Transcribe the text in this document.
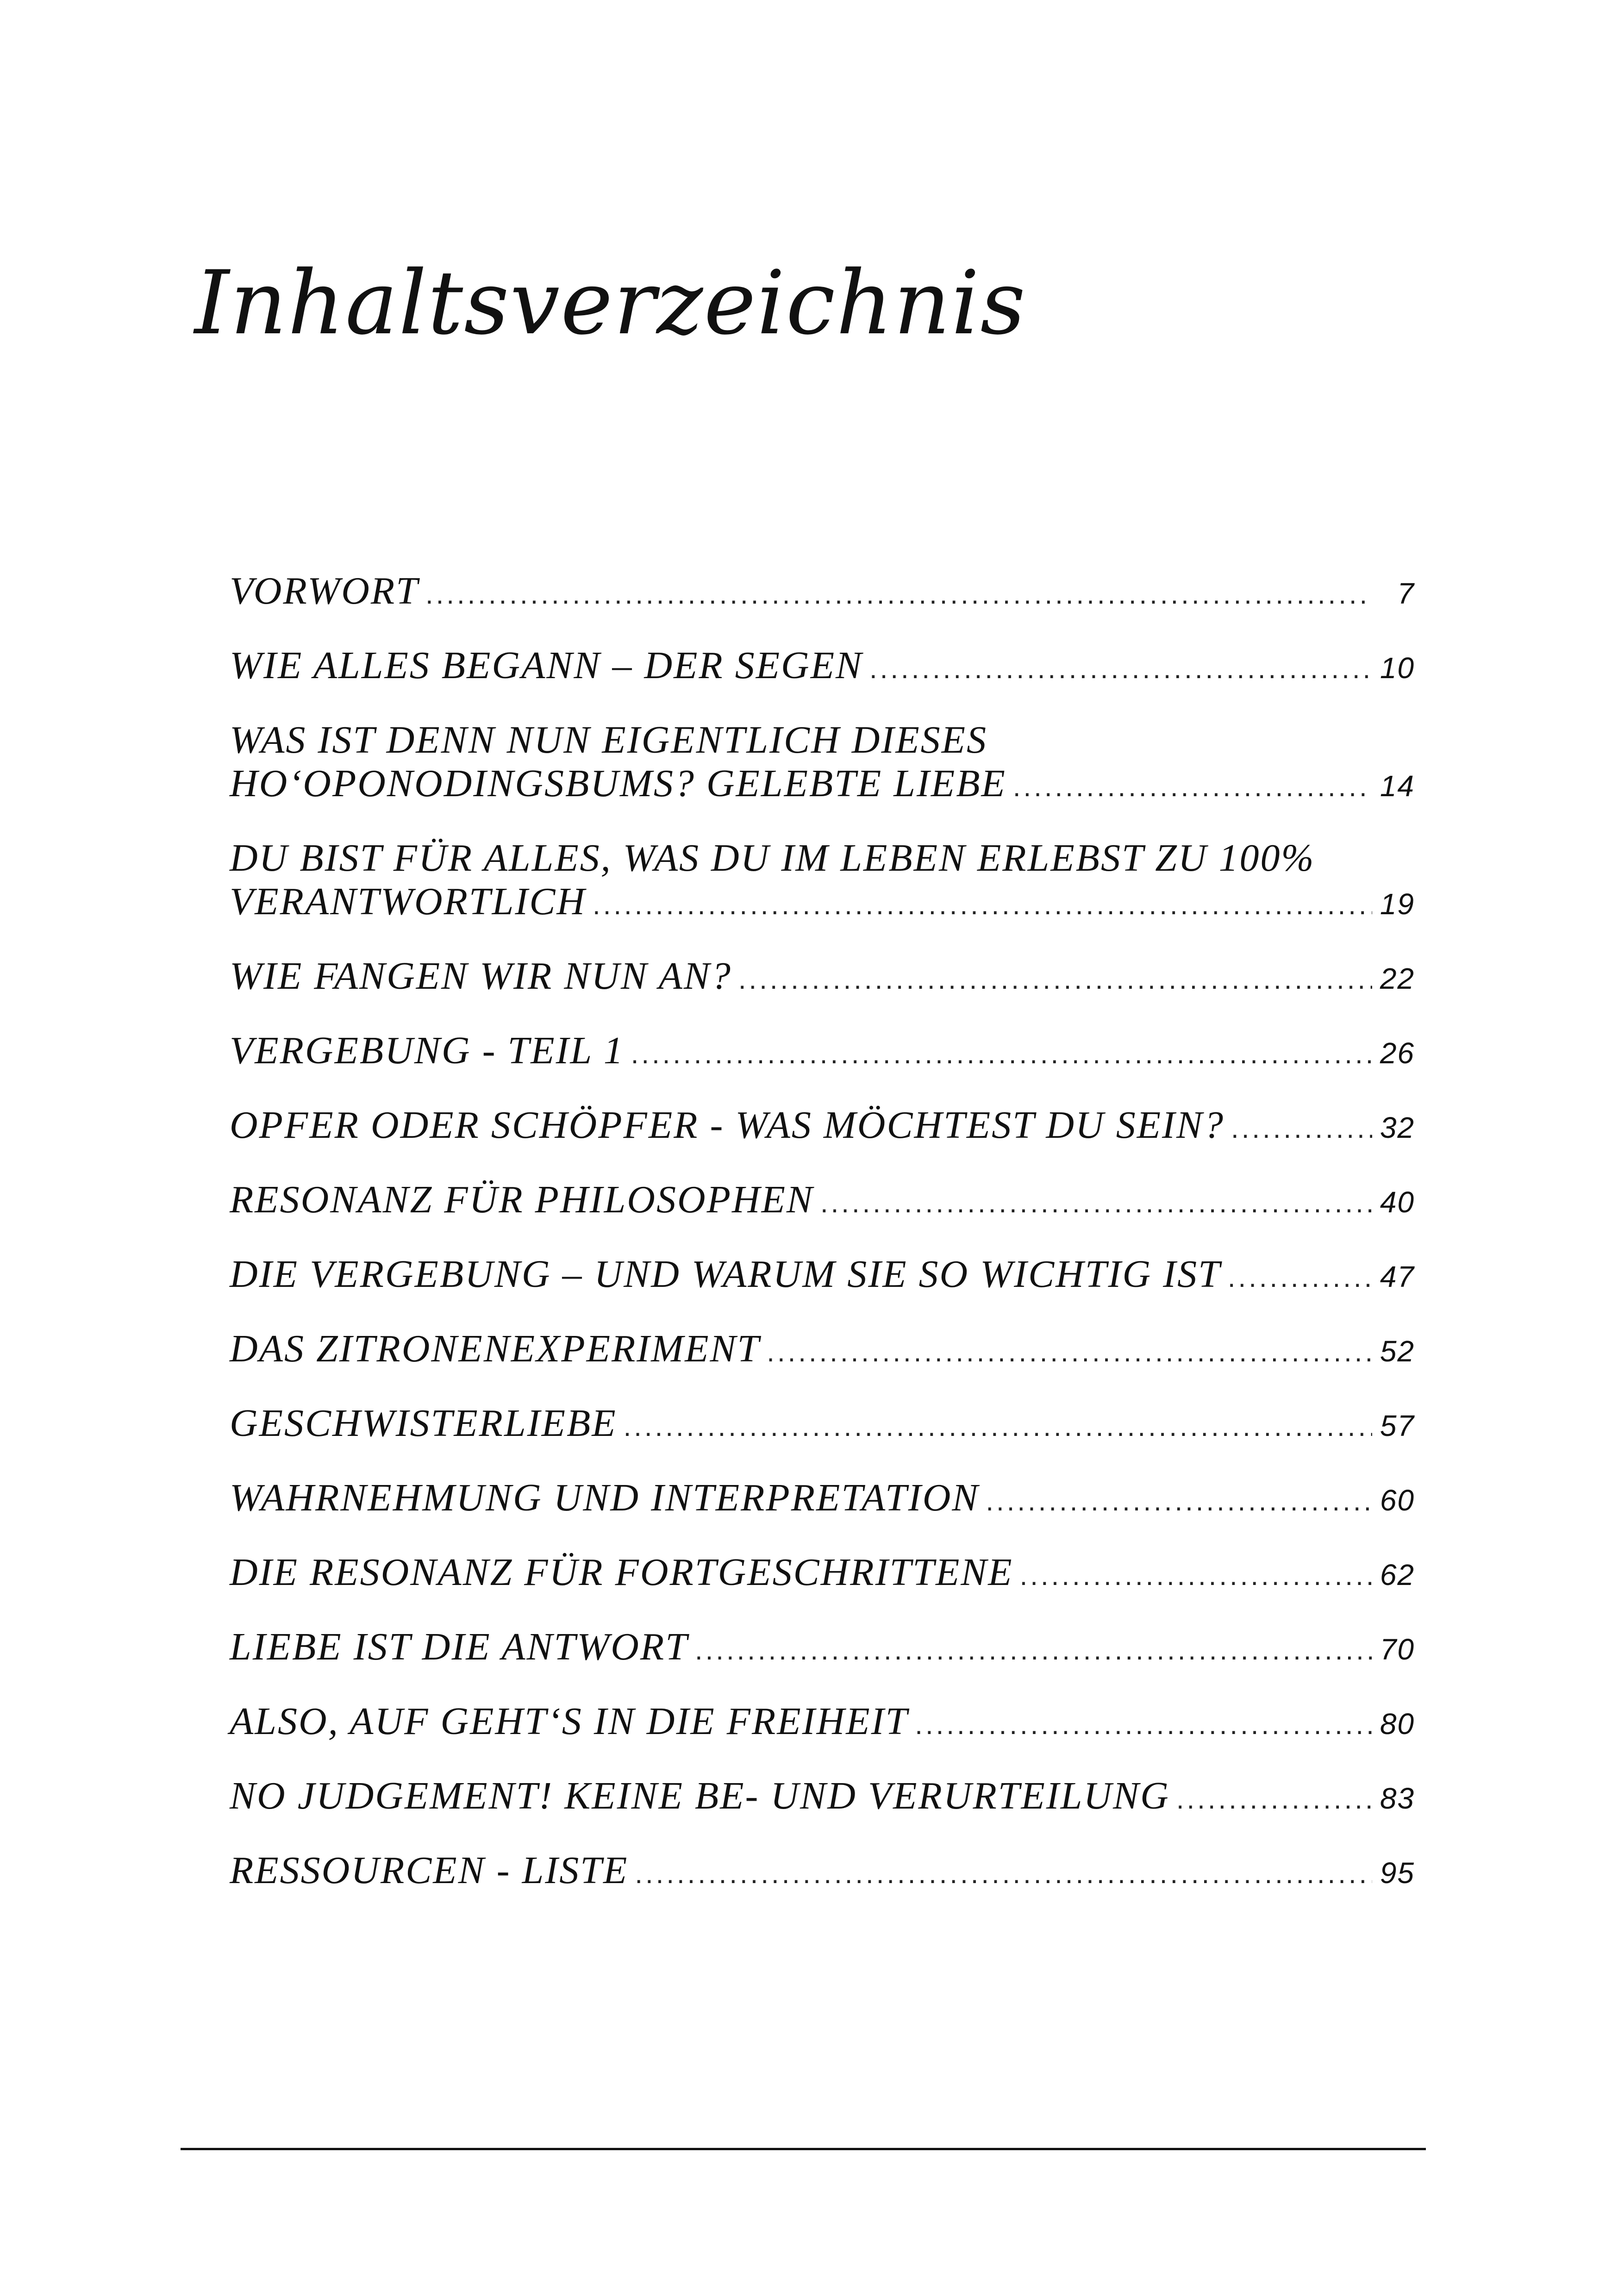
Inhaltsverzeichnis
VORWORT .....	7
WIE ALLES BEGANN – DER SEGEN .....	10
WAS IST DENN NUN EIGENTLICH DIESES
HO‘OPONODINGSBUMS? GELEBTE LIEBE .....	14
DU BIST FÜR ALLES, WAS DU IM LEBEN ERLEBST ZU 100%
VERANTWORTLICH .....	19
WIE FANGEN WIR NUN AN? .....	22
VERGEBUNG - TEIL 1 .....	26
OPFER ODER SCHÖPFER - WAS MÖCHTEST DU SEIN? .....	32
RESONANZ FÜR PHILOSOPHEN .....	40
DIE VERGEBUNG – UND WARUM SIE SO WICHTIG IST .....	47
DAS ZITRONENEXPERIMENT .....	52
GESCHWISTERLIEBE .....	57
WAHRNEHMUNG UND INTERPRETATION .....	60
DIE RESONANZ FÜR FORTGESCHRITTENE .....	62
LIEBE IST DIE ANTWORT .....	70
ALSO, AUF GEHT‘S IN DIE FREIHEIT .....	80
NO JUDGEMENT! KEINE BE- UND VERURTEILUNG .....	83
RESSOURCEN - LISTE .....	95
